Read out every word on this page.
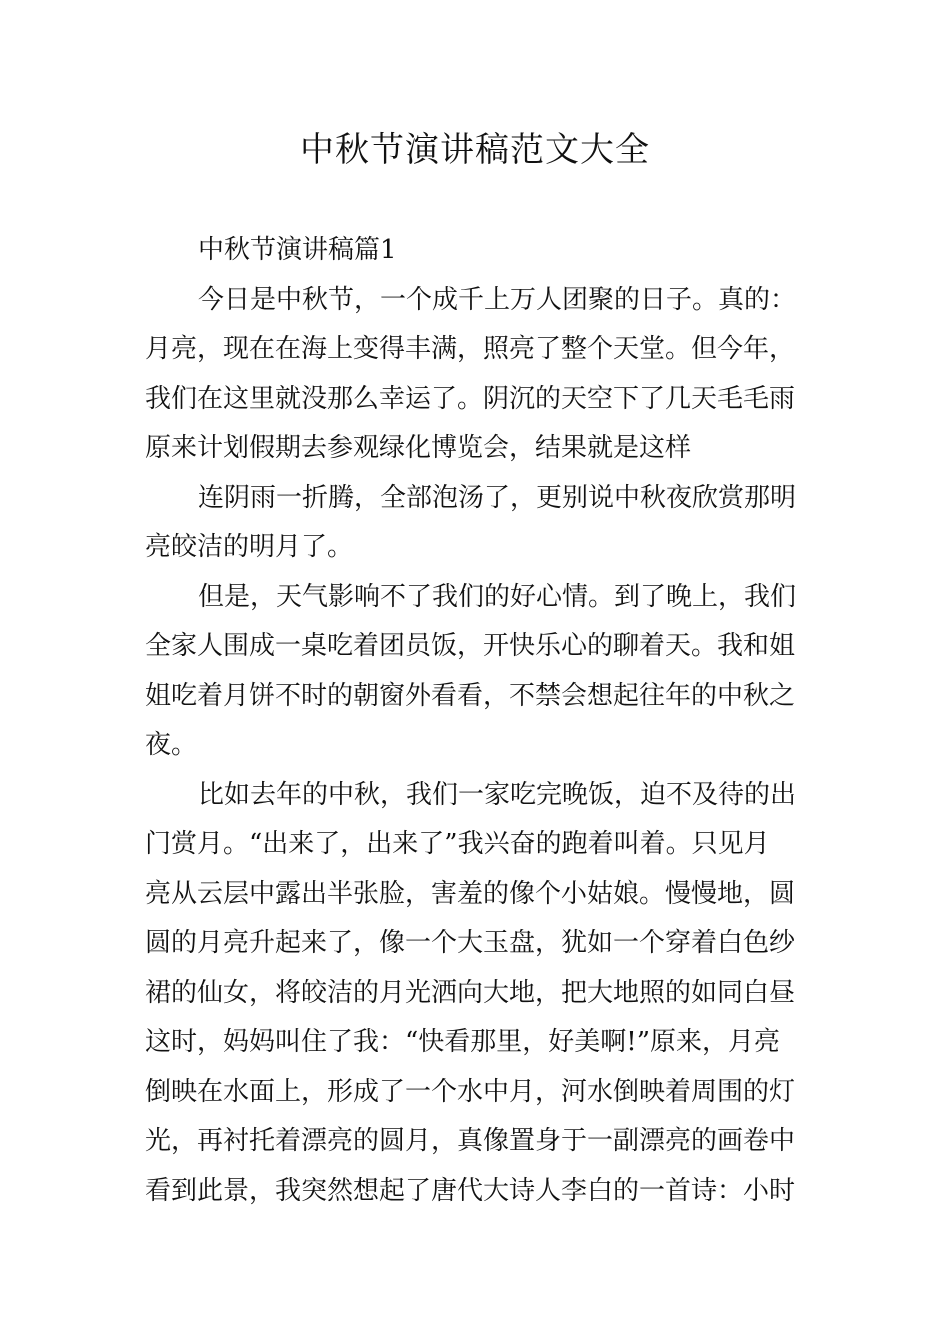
中秋节演讲稿范文大全
中秋节演讲稿篇1
今日是中秋节，一个成千上万人团聚的日子。真的：
月亮，现在在海上变得丰满，照亮了整个天堂。但今年，
我们在这里就没那么幸运了。阴沉的天空下了几天毛毛雨
原来计划假期去参观绿化博览会，结果就是这样
连阴雨一折腾，全部泡汤了，更别说中秋夜欣赏那明
亮皎洁的明月了。
但是，天气影响不了我们的好心情。到了晚上，我们
全家人围成一桌吃着团员饭，开快乐心的聊着天。我和姐
姐吃着月饼不时的朝窗外看看，不禁会想起往年的中秋之
夜。
比如去年的中秋，我们一家吃完晚饭，迫不及待的出
门赏月。“出来了，出来了”我兴奋的跑着叫着。只见月
亮从云层中露出半张脸，害羞的像个小姑娘。慢慢地，圆
圆的月亮升起来了，像一个大玉盘，犹如一个穿着白色纱
裙的仙女，将皎洁的月光洒向大地，把大地照的如同白昼
这时，妈妈叫住了我：“快看那里，好美啊!”原来，月亮
倒映在水面上，形成了一个水中月，河水倒映着周围的灯
光，再衬托着漂亮的圆月，真像置身于一副漂亮的画卷中
看到此景，我突然想起了唐代大诗人李白的一首诗：小时
